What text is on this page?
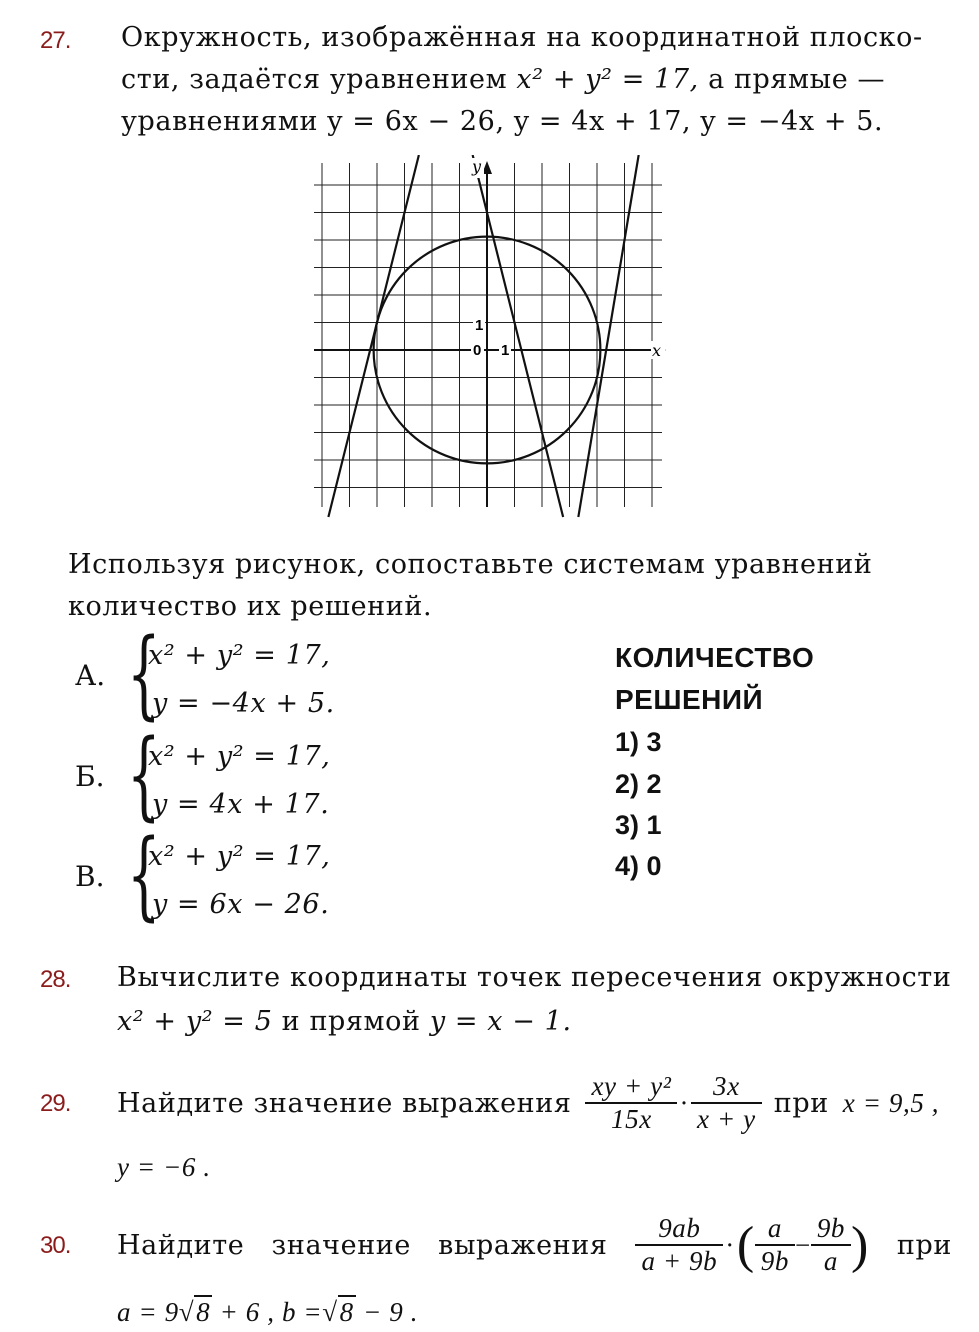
27. Окружность, изображённая на координатной плоско-
сти, задаётся уравнением x² + y² = 17, а прямые —
уравнениями y = 6x − 26, y = 4x + 17, y = −4x + 5.
1
0 1	x
y
Используя рисунок, сопоставьте системам уравнений
количество их решений.
А. {
x² + y² = 17,
y = −4x + 5.
Б. {
x² + y² = 17,
y = 4x + 17.
В. {
x² + y² = 17,
y = 6x − 26.
КОЛИЧЕСТВО
РЕШЕНИЙ
1) 3
2) 2
3) 1
4) 0
28. Вычислите координаты точек пересечения окружности
x² + y² = 5 и прямой y = x − 1.
29. Найдите значение выражения $\frac{\text{xy + y²}}{15x} \cdot \frac{3x}{x + y}$ при x = 9,5 ,
y = −6 .
30. Найдите значение выражения $\frac{9ab}{a + 9b}$ · ( $\frac{a}{9b} - \frac{9b}{a}$ ) при
a = 9√8 + 6 , b =√8 − 9 .
